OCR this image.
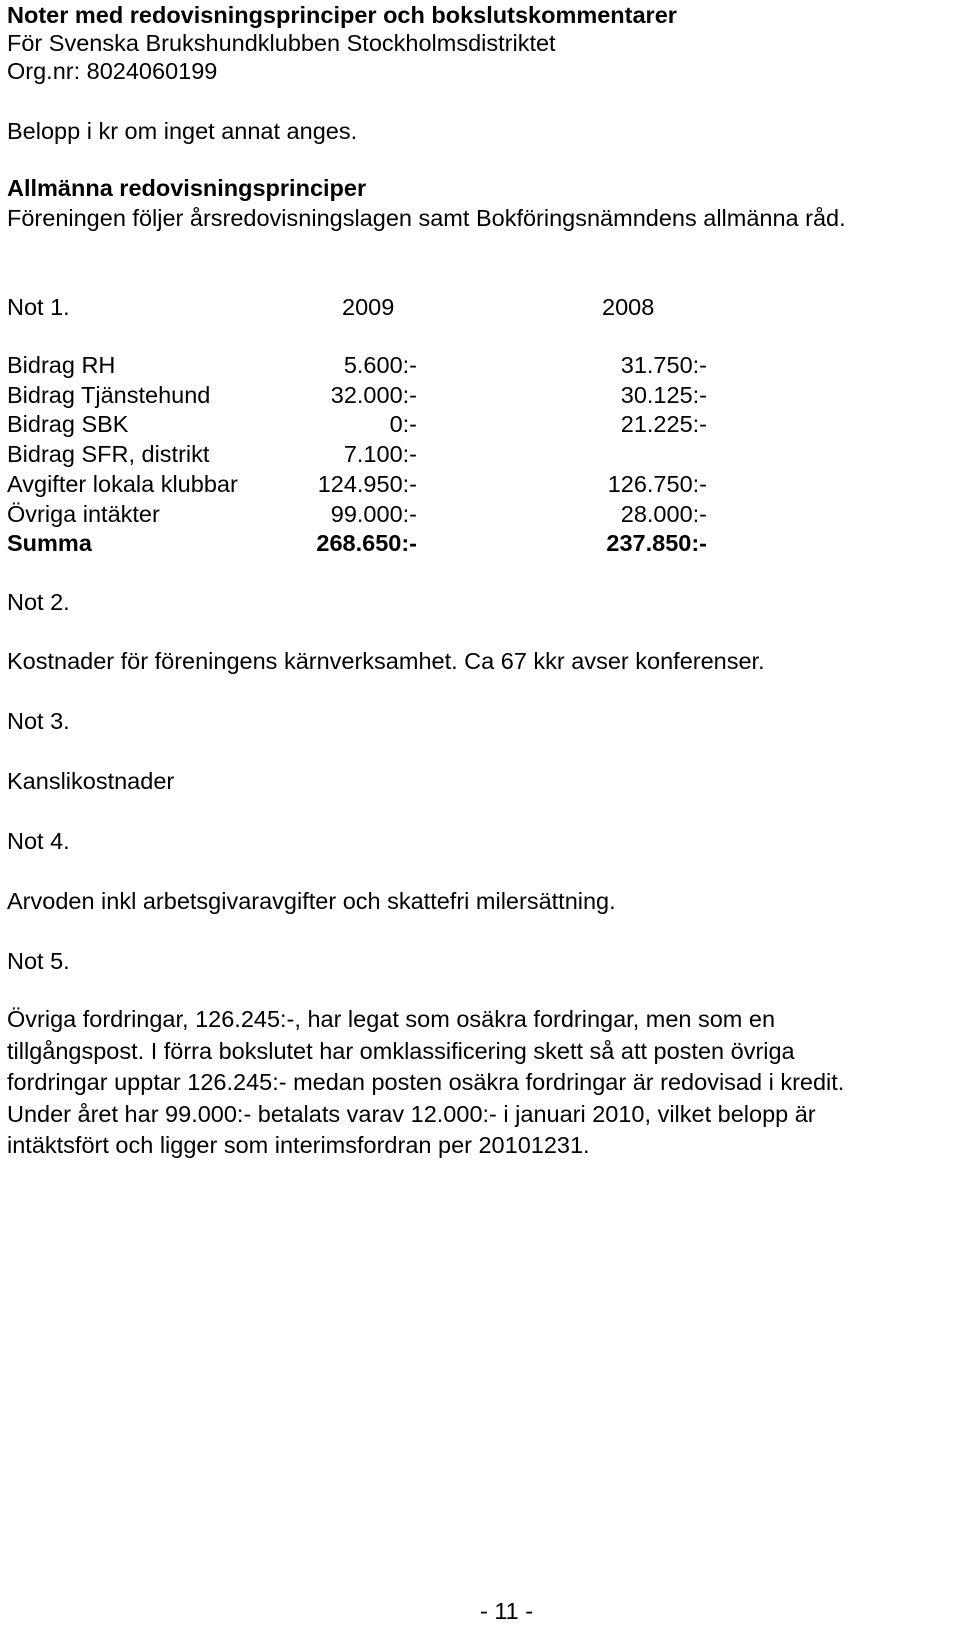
Noter med redovisningsprinciper och bokslutskommentarer
För Svenska Brukshundklubben Stockholmsdistriktet
Org.nr: 8024060199
Belopp i kr om inget annat anges.
Allmänna redovisningsprinciper
Föreningen följer årsredovisningslagen samt Bokföringsnämndens allmänna råd.
Not 1.	2009	2008
Bidrag RH	5.600:-	31.750:-
Bidrag Tjänstehund	32.000:-	30.125:-
Bidrag SBK	0:-	21.225:-
Bidrag SFR, distrikt	7.100:-
Avgifter lokala klubbar	124.950:-	126.750:-
Övriga intäkter	99.000:-	28.000:-
Summa	268.650:-	237.850:-
Not 2.
Kostnader för föreningens kärnverksamhet. Ca 67 kkr avser konferenser.
Not 3.
Kanslikostnader
Not 4.
Arvoden inkl arbetsgivaravgifter och skattefri milersättning.
Not 5.

Övriga fordringar, 126.245:-, har legat som osäkra fordringar, men som en

tillgångspost. I förra bokslutet har omklassificering skett så att posten övriga

fordringar upptar 126.245:- medan posten osäkra fordringar är redovisad i kredit.

Under året har 99.000:- betalats varav 12.000:- i januari 2010, vilket belopp är

intäktsfört och ligger som interimsfordran per 20101231.

- 11 -
